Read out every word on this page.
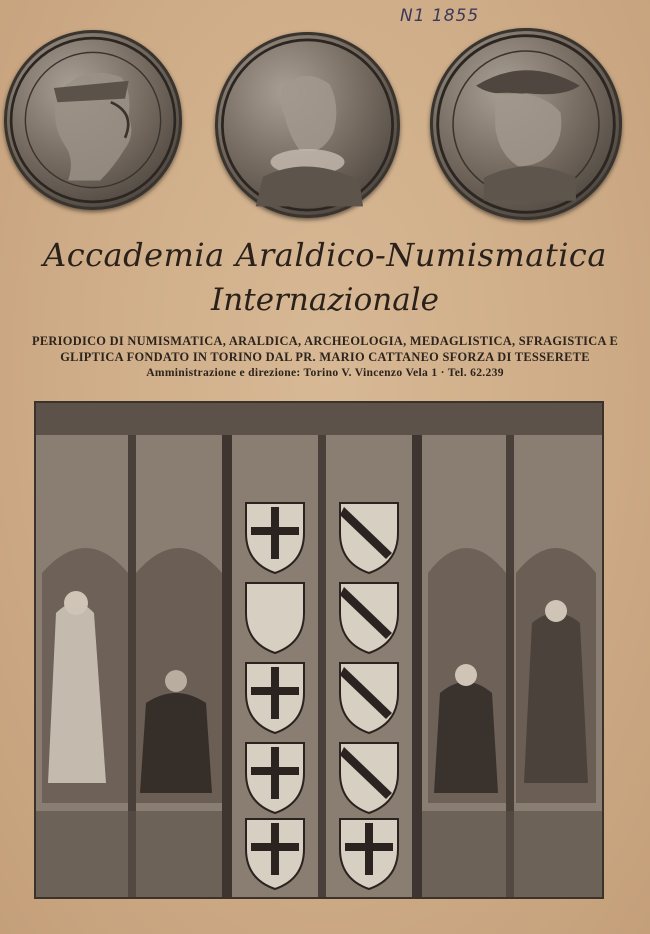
N1 1855
Accademia Araldico-Numismatica
Internazionale
PERIODICO DI NUMISMATICA, ARALDICA, ARCHEOLOGIA, MEDAGLISTICA, SFRAGISTICA E
GLIPTICA FONDATO IN TORINO DAL PR. MARIO CATTANEO SFORZA DI TESSERETE
Amministrazione e direzione: Torino V. Vincenzo Vela 1 · Tel. 62.239
